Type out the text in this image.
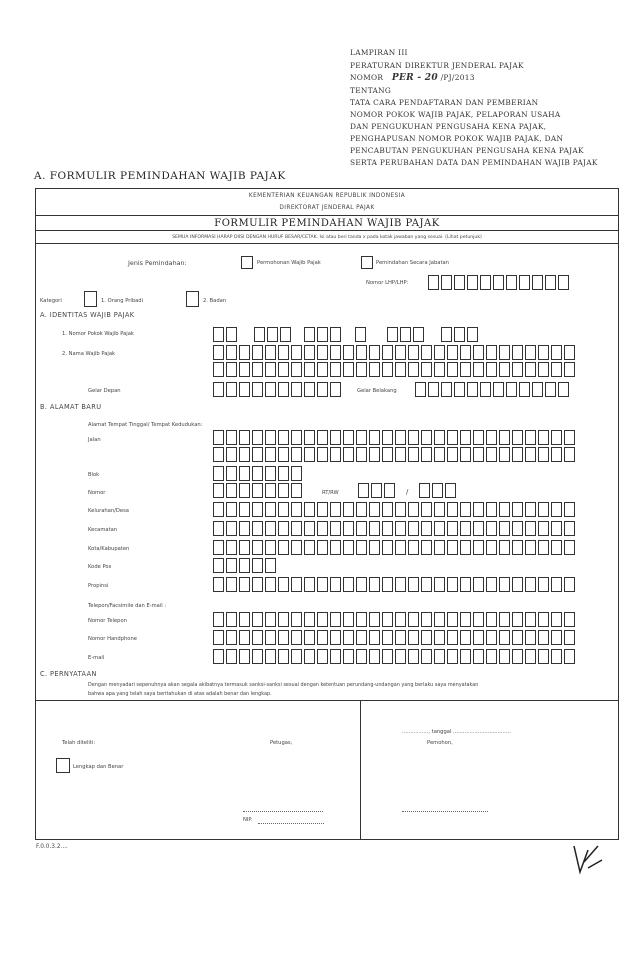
LAMPIRAN III
PERATURAN DIREKTUR JENDERAL PAJAK
NOMOR PER - 20 /PJ/2013
TENTANG
TATA CARA PENDAFTARAN DAN PEMBERIAN
NOMOR POKOK WAJIB PAJAK, PELAPORAN USAHA
DAN PENGUKUHAN PENGUSAHA KENA PAJAK,
PENGHAPUSAN NOMOR POKOK WAJIB PAJAK, DAN
PENCABUTAN PENGUKUHAN PENGUSAHA KENA PAJAK
SERTA PERUBAHAN DATA DAN PEMINDAHAN WAJIB PAJAK
A. FORMULIR PEMINDAHAN WAJIB PAJAK
KEMENTERIAN KEUANGAN REPUBLIK INDONESIA
DIREKTORAT JENDERAL PAJAK
FORMULIR PEMINDAHAN WAJIB PAJAK
SEMUA INFORMASI HARAP DIISI DENGAN HURUF BESAR/CETAK. Isi atau beri tanda x pada kotak jawaban yang sesuai. (Lihat petunjuk)
Jenis Pemindahan:	Permohonan Wajib Pajak	Pemindahan Secara Jabatan
Nomor LHP/LHP:
Kategori	1. Orang Pribadi	2. Badan
A. IDENTITAS WAJIB PAJAK
1. Nomor Pokok Wajib Pajak
2. Nama Wajib Pajak
Gelar Depan	Gelar Belakang
B. ALAMAT BARU
Alamat Tempat Tinggal/ Tempat Kedudukan:
Jalan
Blok
Nomor	RT/RW	/
Kelurahan/Desa
Kecamatan
Kota/Kabupaten
Kode Pos
Propinsi
Telepon/Facsimile dan E-mail :
Nomor Telepon
Nomor Handphone
E-mail
C. PERNYATAAN
Dengan menyadari sepenuhnya akan segala akibatnya termasuk sanksi-sanksi sesuai dengan ketentuan perundang-undangan yang berlaku saya menyatakan
bahwa apa yang telah saya beritahukan di atas adalah benar dan lengkap.
Telah diteliti:	Petugas,
Lengkap dan Benar
NIP.
................, tanggal ...................................
Pemohon,
F.0.0.3.2....
